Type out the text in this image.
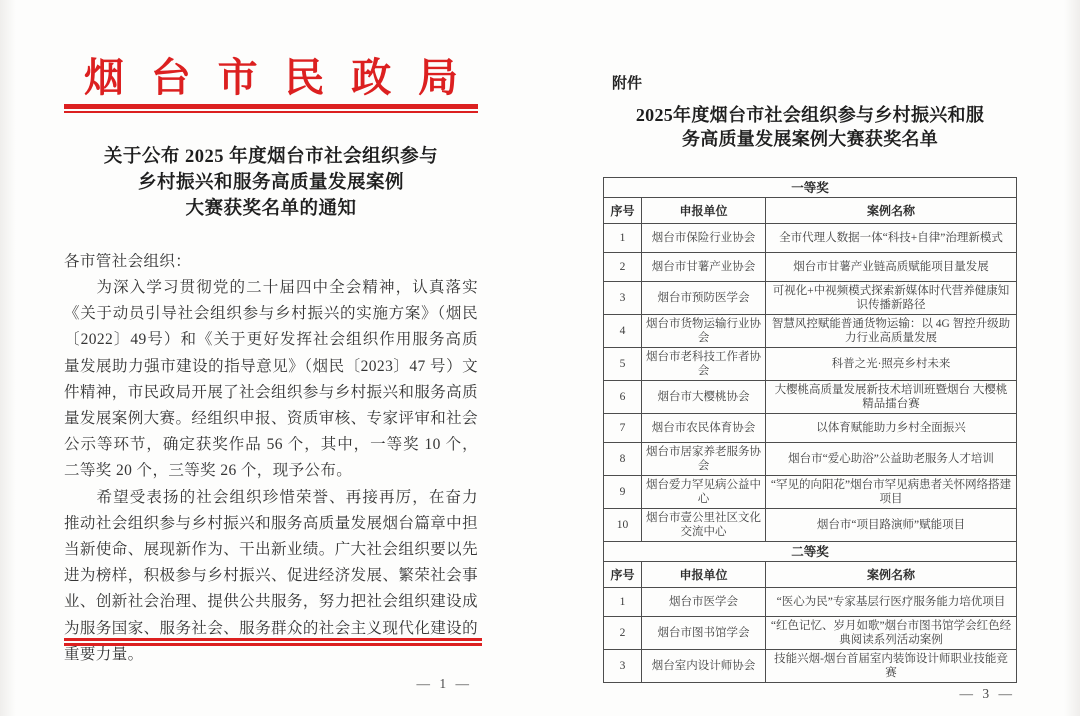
烟 台 市 民 政 局
关于公布 2025 年度烟台市社会组织参与
乡村振兴和服务高质量发展案例
大赛获奖名单的通知

各市管社会组织：

为深入学习贯彻党的二十届四中全会精神，认真落实《关于动员引导社会组织参与乡村振兴的实施方案》（烟民〔2022〕49号）和《关于更好发挥社会组织作用服务高质量发展助力强市建设的指导意见》（烟民〔2023〕47 号）文件精神，市民政局开展了社会组织参与乡村振兴和服务高质量发展案例大赛。经组织申报、资质审核、专家评审和社会公示等环节，确定获奖作品 56 个，其中，一等奖 10 个，二等奖 20 个，三等奖 26 个，现予公布。

希望受表扬的社会组织珍惜荣誉、再接再厉，在奋力推动社会组织参与乡村振兴和服务高质量发展烟台篇章中担当新使命、展现新作为、干出新业绩。广大社会组织要以先进为榜样，积极参与乡村振兴、促进经济发展、繁荣社会事业、创新社会治理、提供公共服务，努力把社会组织建设成为服务国家、服务社会、服务群众的社会主义现代化建设的重要力量。

— 1 —
附件
2025年度烟台市社会组织参与乡村振兴和服
务高质量发展案例大赛获奖名单
一等奖		
序号	申报单位	案例名称
1	烟台市保险行业协会	全市代理人数据一体“科技+自律”治理新模式
2	烟台市甘薯产业协会	烟台市甘薯产业链高质赋能项目量发展
3	烟台市预防医学会	可视化+中视频模式探索新媒体时代营养健康知识传播新路径
4	烟台市货物运输行业协会	智慧风控赋能普通货物运输：以 4G 智控升级助力行业高质量发展
5	烟台市老科技工作者协会	科普之光·照亮乡村未来
6	烟台市大樱桃协会	大樱桃高质量发展新技术培训班暨烟台 大樱桃精品擂台赛
7	烟台市农民体育协会	以体育赋能助力乡村全面振兴
8	烟台市居家养老服务协会	烟台市“爱心助浴”公益助老服务人才培训
9	烟台爱力罕见病公益中心	“罕见的向阳花”烟台市罕见病患者关怀网络搭建项目
10	烟台市壹公里社区文化交流中心	烟台市“项目路演师”赋能项目
二等奖		
序号	申报单位	案例名称
1	烟台市医学会	“医心为民”专家基层行医疗服务能力培优项目
2	烟台市图书馆学会	“红色记忆、岁月如歌”烟台市图书馆学会红色经典阅读系列活动案例
3	烟台室内设计师协会	技能兴烟-烟台首届室内装饰设计师职业技能竞赛
— 3 —
